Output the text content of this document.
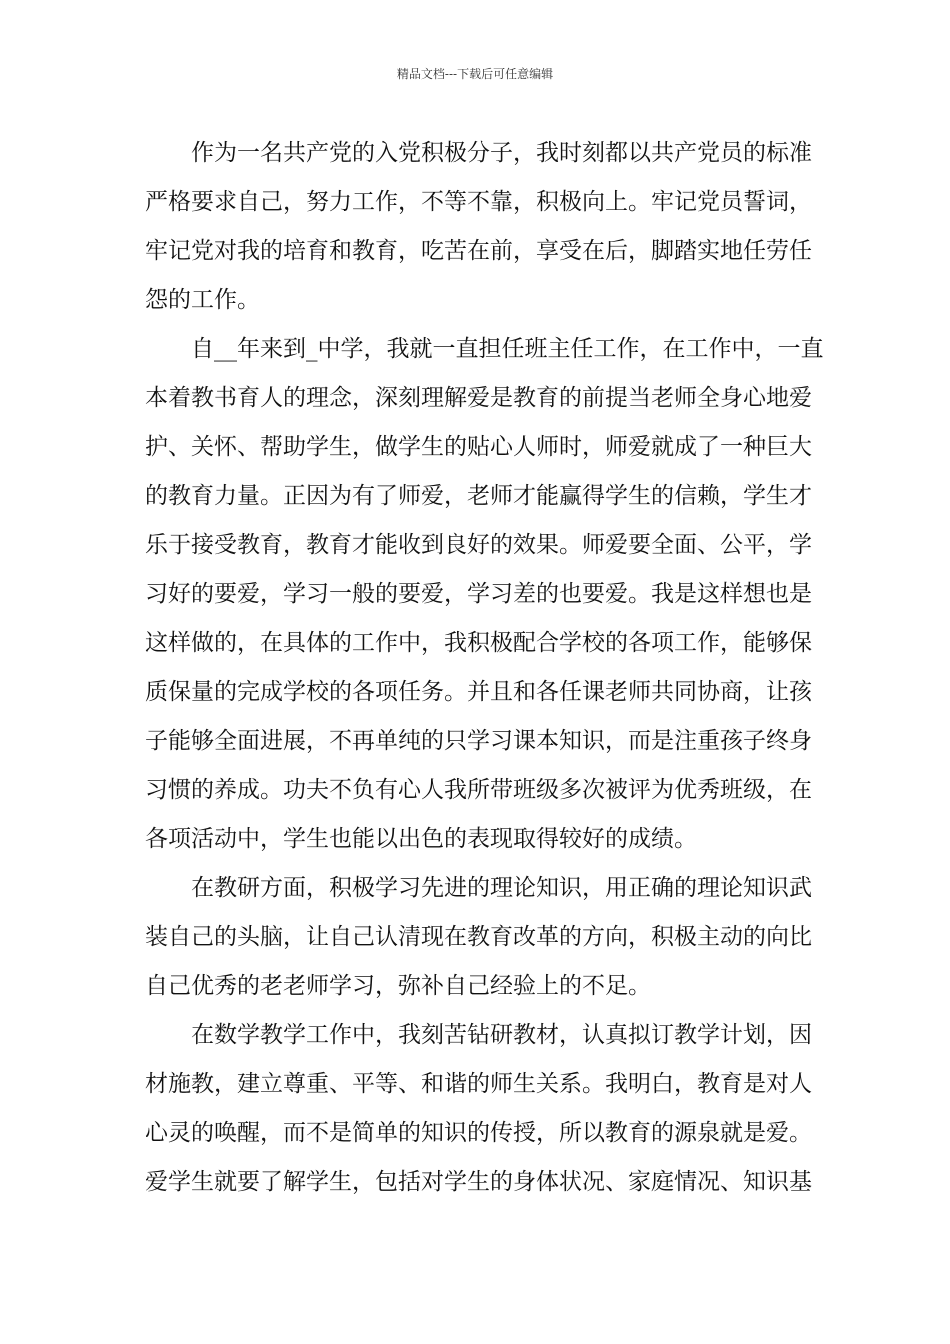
精品文档---下载后可任意编辑
作为一名共产党的入党积极分子，我时刻都以共产党员的标准
严格要求自己，努力工作，不等不靠，积极向上。牢记党员誓词，
牢记党对我的培育和教育，吃苦在前，享受在后，脚踏实地任劳任
怨的工作。
自__年来到_中学，我就一直担任班主任工作，在工作中，一直
本着教书育人的理念，深刻理解爱是教育的前提当老师全身心地爱
护、关怀、帮助学生，做学生的贴心人师时，师爱就成了一种巨大
的教育力量。正因为有了师爱，老师才能赢得学生的信赖，学生才
乐于接受教育，教育才能收到良好的效果。师爱要全面、公平，学
习好的要爱，学习一般的要爱，学习差的也要爱。我是这样想也是
这样做的，在具体的工作中，我积极配合学校的各项工作，能够保
质保量的完成学校的各项任务。并且和各任课老师共同协商，让孩
子能够全面进展，不再单纯的只学习课本知识，而是注重孩子终身
习惯的养成。功夫不负有心人我所带班级多次被评为优秀班级，在
各项活动中，学生也能以出色的表现取得较好的成绩。
在教研方面，积极学习先进的理论知识，用正确的理论知识武
装自己的头脑，让自己认清现在教育改革的方向，积极主动的向比
自己优秀的老老师学习，弥补自己经验上的不足。
在数学教学工作中，我刻苦钻研教材，认真拟订教学计划，因
材施教，建立尊重、平等、和谐的师生关系。我明白，教育是对人
心灵的唤醒，而不是简单的知识的传授，所以教育的源泉就是爱。
爱学生就要了解学生，包括对学生的身体状况、家庭情况、知识基
